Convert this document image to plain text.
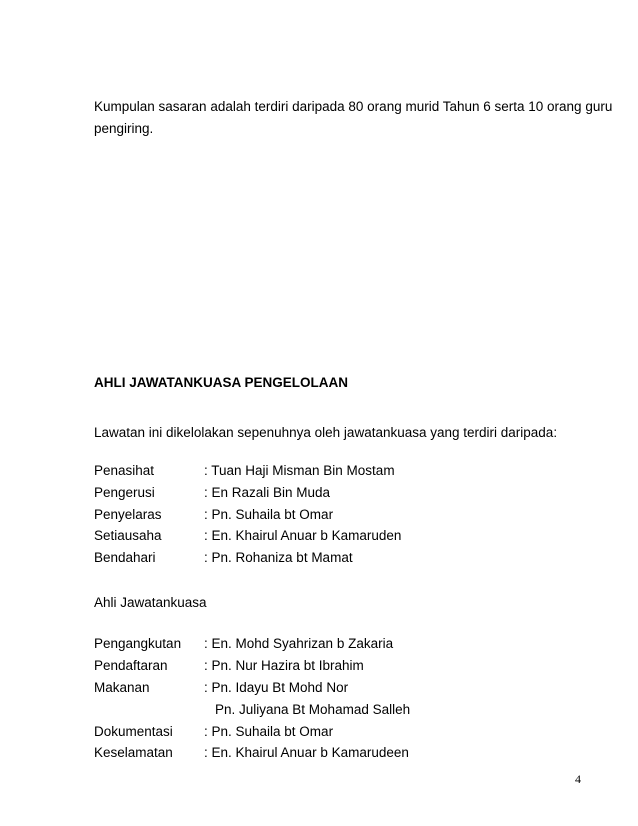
Kumpulan sasaran adalah terdiri daripada 80 orang murid Tahun 6 serta 10 orang guru
pengiring.
AHLI JAWATANKUASA PENGELOLAAN
Lawatan ini dikelolakan sepenuhnya oleh jawatankuasa yang terdiri daripada:
Penasihat	: Tuan Haji Misman Bin Mostam
Pengerusi	: En Razali Bin Muda
Penyelaras	: Pn. Suhaila bt Omar
Setiausaha	: En. Khairul Anuar b Kamaruden
Bendahari	: Pn. Rohaniza bt Mamat
Ahli Jawatankuasa
Pengangkutan : En. Mohd Syahrizan b Zakaria
Pendaftaran	: Pn. Nur Hazira bt Ibrahim
Makanan	: Pn. Idayu Bt Mohd Nor
Pn. Juliyana Bt Mohamad Salleh
Dokumentasi : Pn. Suhaila bt Omar
Keselamatan : En. Khairul Anuar b Kamarudeen
4
